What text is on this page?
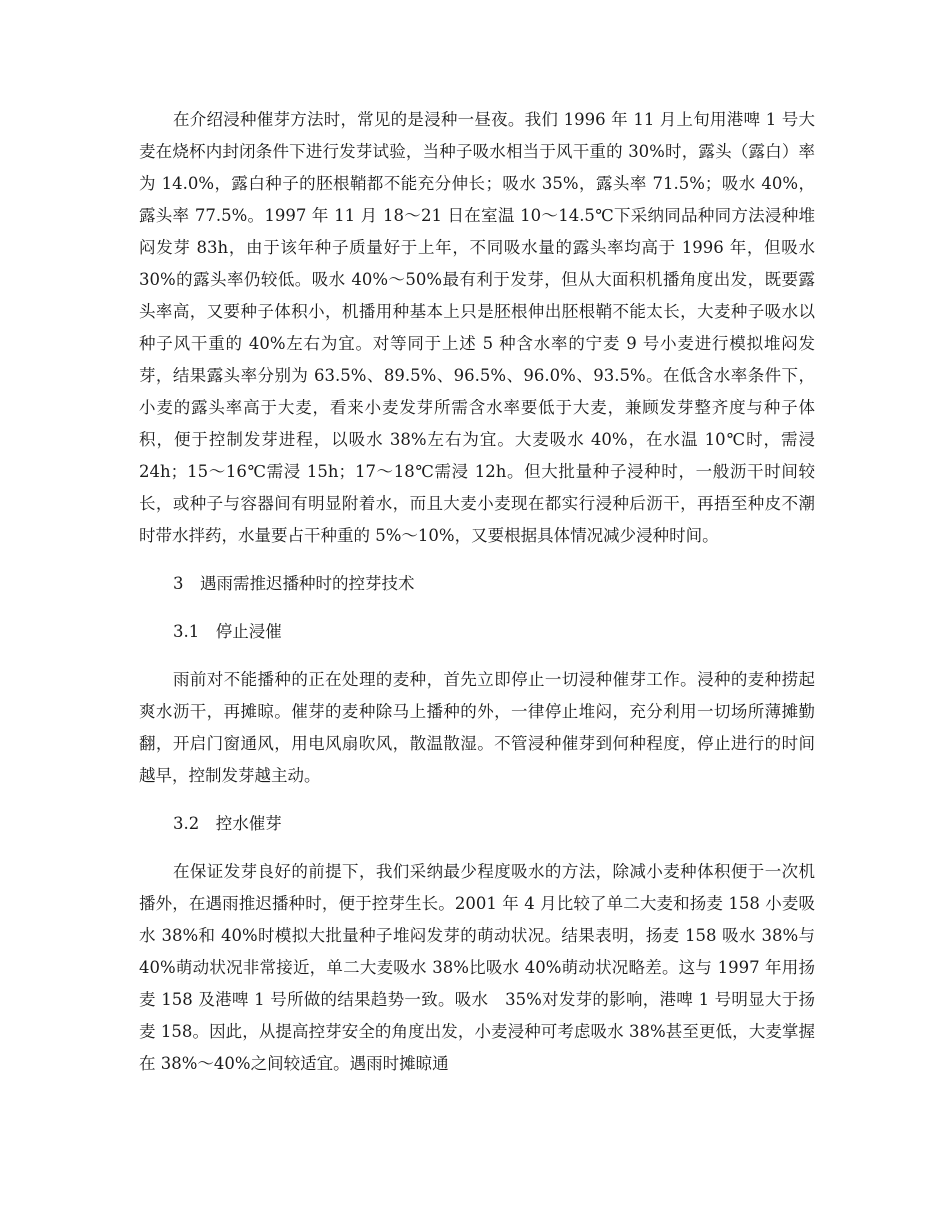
在介绍浸种催芽方法时，常见的是浸种一昼夜。我们 1996 年 11 月上旬用港啤 1 号大麦在烧杯内封闭条件下进行发芽试验，当种子吸水相当于风干重的 30%时，露头（露白）率为 14.0%，露白种子的胚根鞘都不能充分伸长；吸水 35%，露头率 71.5%；吸水 40%，露头率 77.5%。1997 年 11 月 18～21 日在室温 10～14.5℃下采纳同品种同方法浸种堆闷发芽 83h，由于该年种子质量好于上年，不同吸水量的露头率均高于 1996 年，但吸水 30%的露头率仍较低。吸水 40%～50%最有利于发芽，但从大面积机播角度出发，既要露头率高，又要种子体积小，机播用种基本上只是胚根伸出胚根鞘不能太长，大麦种子吸水以种子风干重的 40%左右为宜。对等同于上述 5 种含水率的宁麦 9 号小麦进行模拟堆闷发芽，结果露头率分别为 63.5%、89.5%、96.5%、96.0%、93.5%。在低含水率条件下，小麦的露头率高于大麦，看来小麦发芽所需含水率要低于大麦，兼顾发芽整齐度与种子体积，便于控制发芽进程，以吸水 38%左右为宜。大麦吸水 40%，在水温 10℃时，需浸 24h；15～16℃需浸 15h；17～18℃需浸 12h。但大批量种子浸种时，一般沥干时间较长，或种子与容器间有明显附着水，而且大麦小麦现在都实行浸种后沥干，再捂至种皮不潮时带水拌药，水量要占干种重的 5%～10%，又要根据具体情况减少浸种时间。

3　遇雨需推迟播种时的控芽技术

3.1　停止浸催

雨前对不能播种的正在处理的麦种，首先立即停止一切浸种催芽工作。浸种的麦种捞起爽水沥干，再摊晾。催芽的麦种除马上播种的外，一律停止堆闷，充分利用一切场所薄摊勤翻，开启门窗通风，用电风扇吹风，散温散湿。不管浸种催芽到何种程度，停止进行的时间越早，控制发芽越主动。

3.2　控水催芽

在保证发芽良好的前提下，我们采纳最少程度吸水的方法，除减小麦种体积便于一次机播外，在遇雨推迟播种时，便于控芽生长。2001 年 4 月比较了单二大麦和扬麦 158 小麦吸水 38%和 40%时模拟大批量种子堆闷发芽的萌动状况。结果表明，扬麦 158 吸水 38%与 40%萌动状况非常接近，单二大麦吸水 38%比吸水 40%萌动状况略差。这与 1997 年用扬麦 158 及港啤 1 号所做的结果趋势一致。吸水　35%对发芽的影响，港啤 1 号明显大于扬麦 158。因此，从提高控芽安全的角度出发，小麦浸种可考虑吸水 38%甚至更低，大麦掌握在 38%～40%之间较适宜。遇雨时摊晾通
